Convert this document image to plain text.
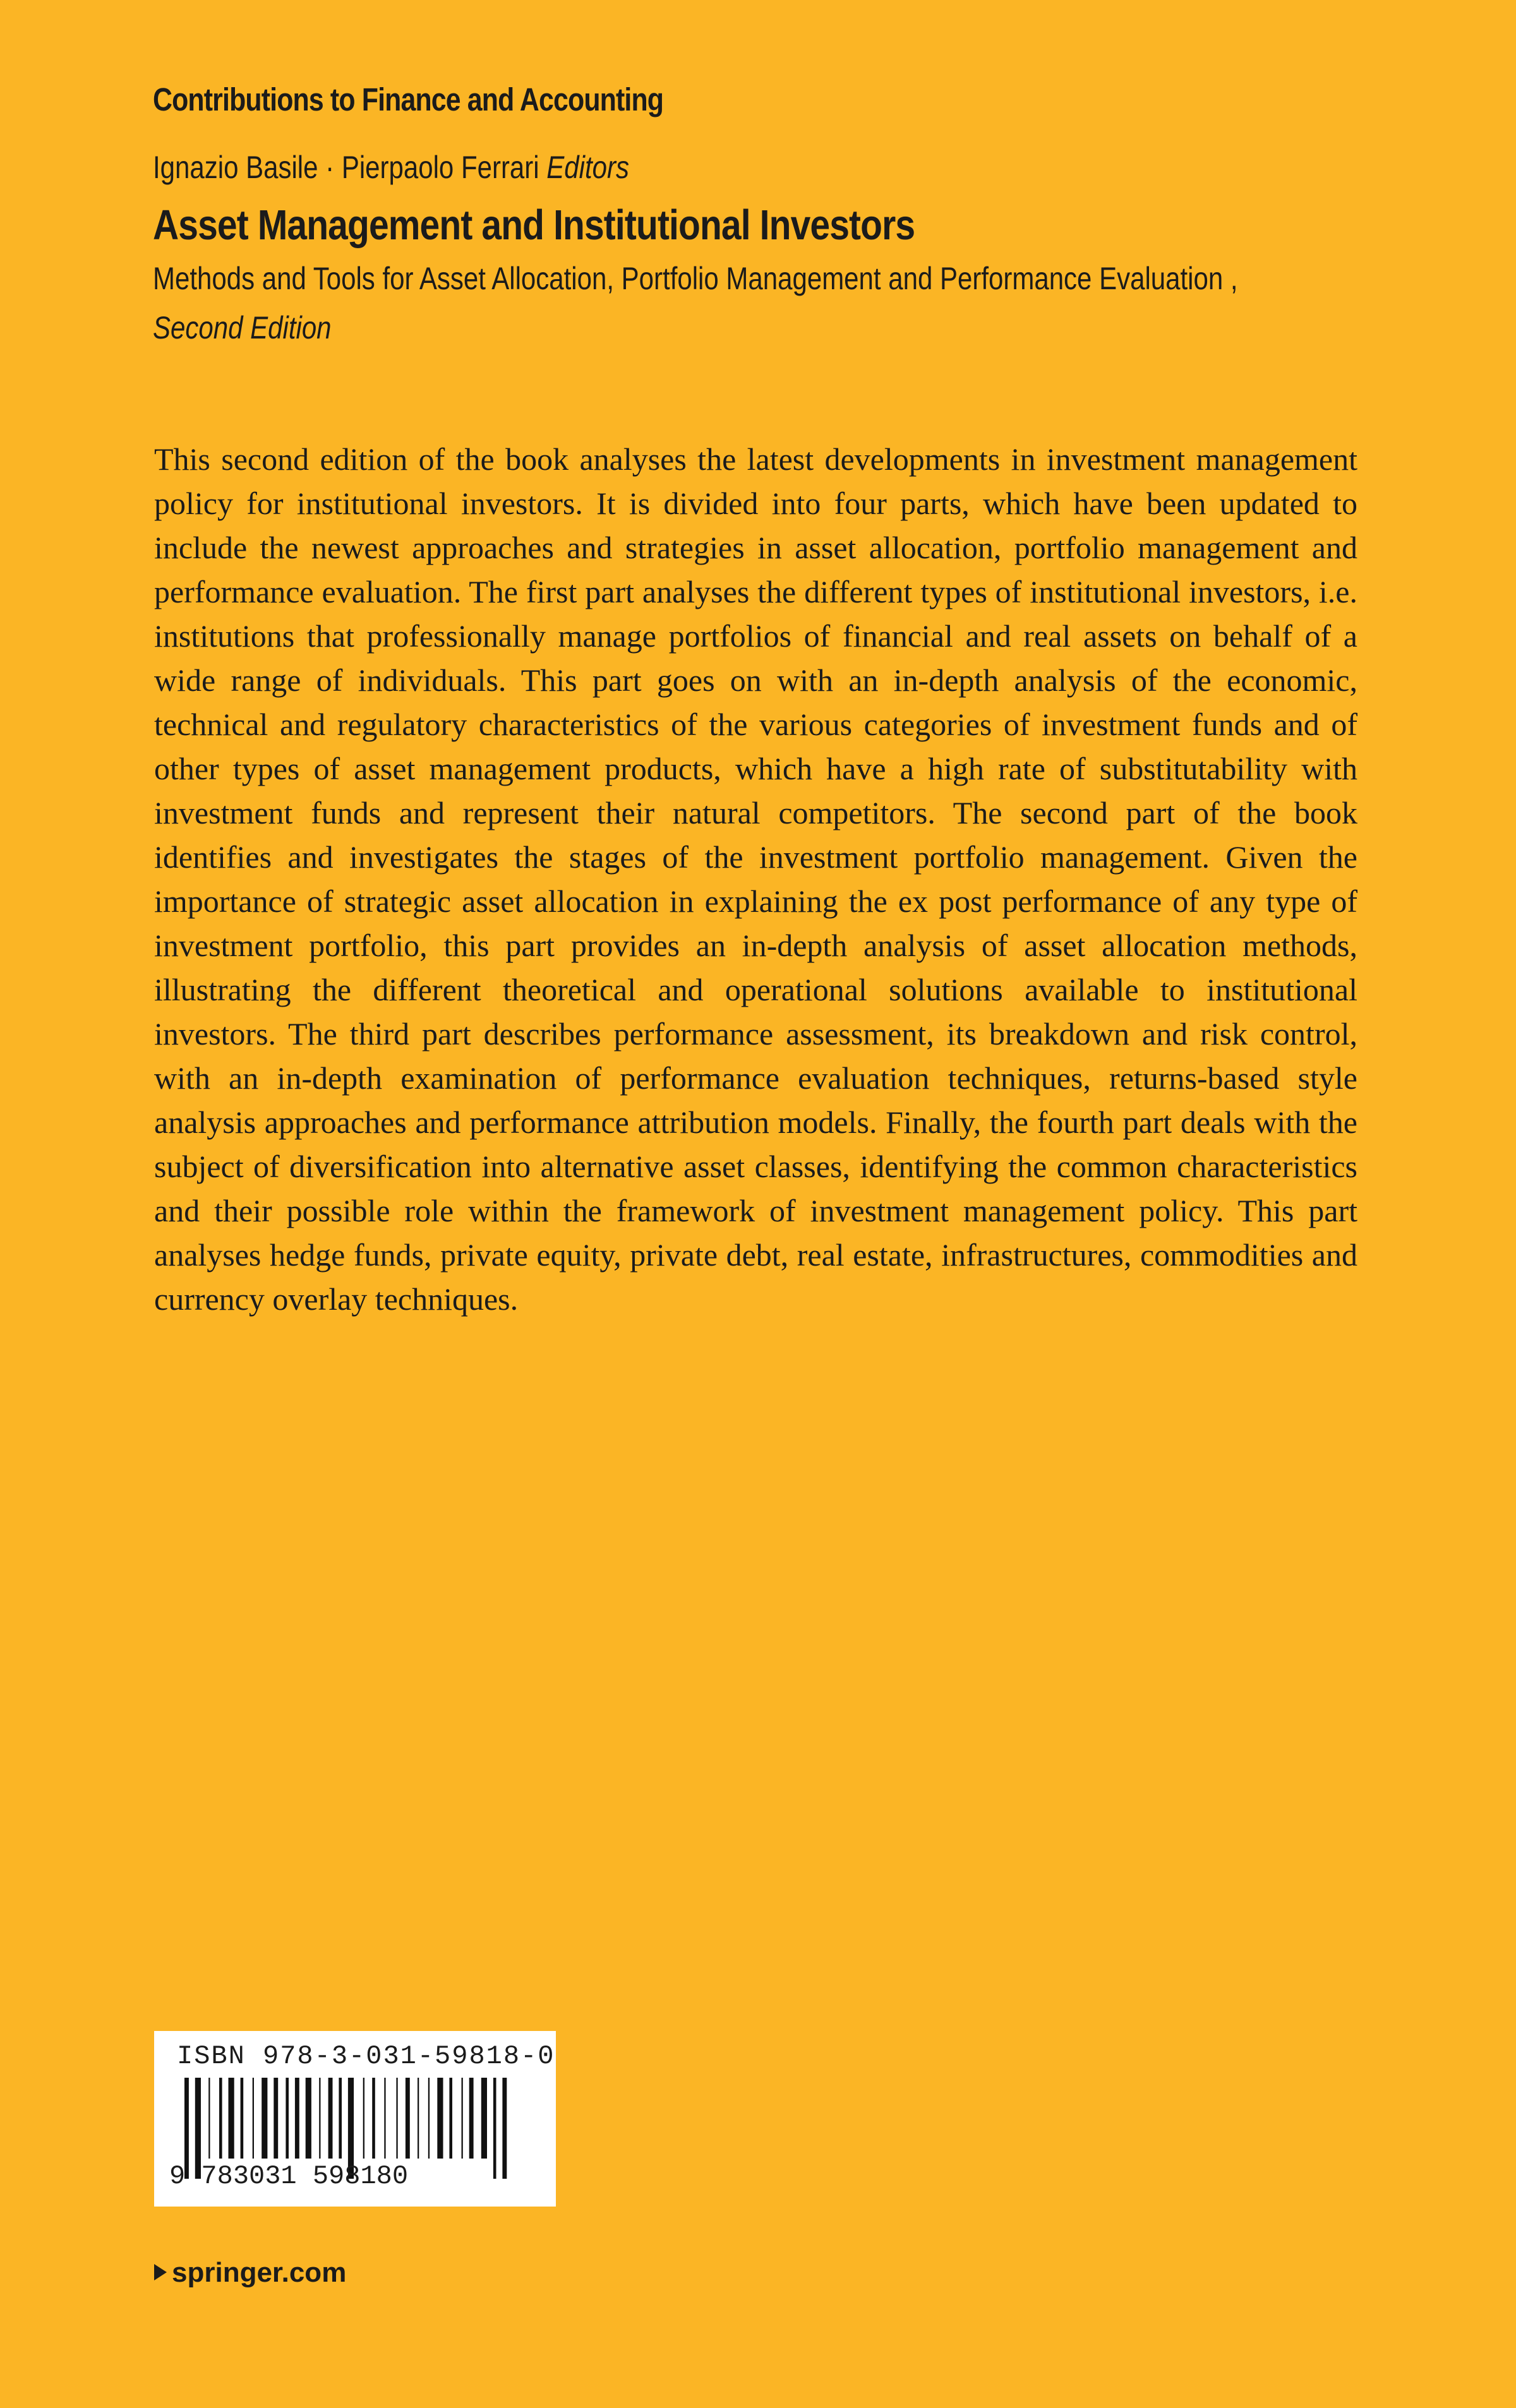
Contributions to Finance and Accounting
Ignazio Basile · Pierpaolo Ferrari Editors
Asset Management and Institutional Investors
Methods and Tools for Asset Allocation, Portfolio Management and Performance Evaluation ,
Second Edition

This second edition of the book analyses the latest developments in investment management policy for institutional investors. It is divided into four parts, which have been updated to include the newest approaches and strategies in asset allocation, portfolio management and performance evaluation. The first part analyses the different types of institutional investors, i.e. institutions that professionally manage portfolios of financial and real assets on behalf of a wide range of individuals. This part goes on with an in-depth analysis of the economic, technical and regulatory characteristics of the various categories of investment funds and of other types of asset management products, which have a high rate of substitutability with investment funds and represent their natural competitors. The second part of the book identifies and investigates the stages of the investment portfolio management. Given the importance of strategic asset allocation in explaining the ex post performance of any type of investment portfolio, this part provides an in-depth analysis of asset allocation methods, illustrating the different theoretical and operational solutions available to institutional investors. The third part describes performance assessment, its breakdown and risk control, with an in-depth examination of performance evaluation techniques, returns-based style analysis approaches and performance attribution models. Finally, the fourth part deals with the subject of diversification into alternative asset classes, identifying the common characteristics and their possible role within the framework of investment management policy. This part analyses hedge funds, private equity, private debt, real estate, infrastructures, commodities and currency overlay techniques.

ISBN 978-3-031-59818-0
9 783031 598180
springer.com
